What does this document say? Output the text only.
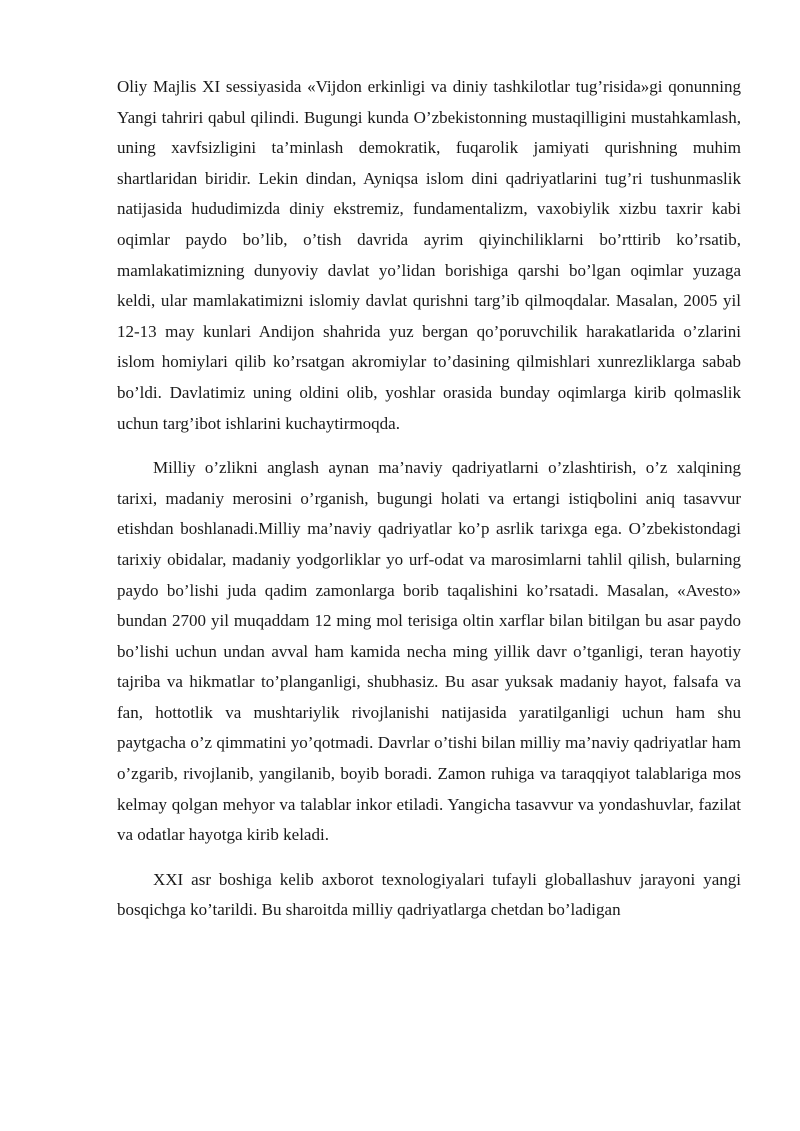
Oliy Majlis XI sessiyasida «Vijdon erkinligi va diniy tashkilotlar tug’risida»gi qonunning Yangi tahriri qabul qilindi. Bugungi kunda O’zbekistonning mustaqilligini mustahkamlash, uning xavfsizligini ta’minlash demokratik, fuqarolik jamiyati qurishning muhim shartlaridan biridir. Lekin dindan, Ayniqsa islom dini qadriyatlarini tug’ri tushunmaslik natijasida hududimizda diniy ekstremiz, fundamentalizm, vaxobiylik xizbu taxrir kabi oqimlar paydo bo’lib, o’tish davrida ayrim qiyinchiliklarni bo’rttirib ko’rsatib, mamlakatimizning dunyoviy davlat yo’lidan borishiga qarshi bo’lgan oqimlar yuzaga keldi, ular mamlakatimizni islomiy davlat qurishni targ’ib qilmoqdalar. Masalan, 2005 yil 12-13 may kunlari Andijon shahrida yuz bergan qo’poruvchilik harakatlarida o’zlarini islom homiylari qilib ko’rsatgan akromiylar to’dasining qilmishlari xunrezliklarga sabab bo’ldi. Davlatimiz uning oldini olib, yoshlar orasida bunday oqimlarga kirib qolmaslik uchun targ’ibot ishlarini kuchaytirmoqda.

Milliy o’zlikni anglash aynan ma’naviy qadriyatlarni o’zlashtirish, o’z xalqining tarixi, madaniy merosini o’rganish, bugungi holati va ertangi istiqbolini aniq tasavvur etishdan boshlanadi.Milliy ma’naviy qadriyatlar ko’p asrlik tarixga ega. O’zbekistondagi tarixiy obidalar, madaniy yodgorliklar yo urf-odat va marosimlarni tahlil qilish, bularning paydo bo’lishi juda qadim zamonlarga borib taqalishini ko’rsatadi. Masalan, «Avesto» bundan 2700 yil muqaddam 12 ming mol terisiga oltin xarflar bilan bitilgan bu asar paydo bo’lishi uchun undan avval ham kamida necha ming yillik davr o’tganligi, teran hayotiy tajriba va hikmatlar to’planganligi, shubhasiz. Bu asar yuksak madaniy hayot, falsafa va fan, hottotlik va mushtariylik rivojlanishi natijasida yaratilganligi uchun ham shu paytgacha o’z qimmatini yo’qotmadi. Davrlar o’tishi bilan milliy ma’naviy qadriyatlar ham o’zgarib, rivojlanib, yangilanib, boyib boradi. Zamon ruhiga va taraqqiyot talablariga mos kelmay qolgan mehyor va talablar inkor etiladi. Yangicha tasavvur va yondashuvlar, fazilat va odatlar hayotga kirib keladi.

XXI asr boshiga kelib axborot texnologiyalari tufayli globallashuv jarayoni yangi bosqichga ko’tarildi. Bu sharoitda milliy qadriyatlarga chetdan bo’ladigan
